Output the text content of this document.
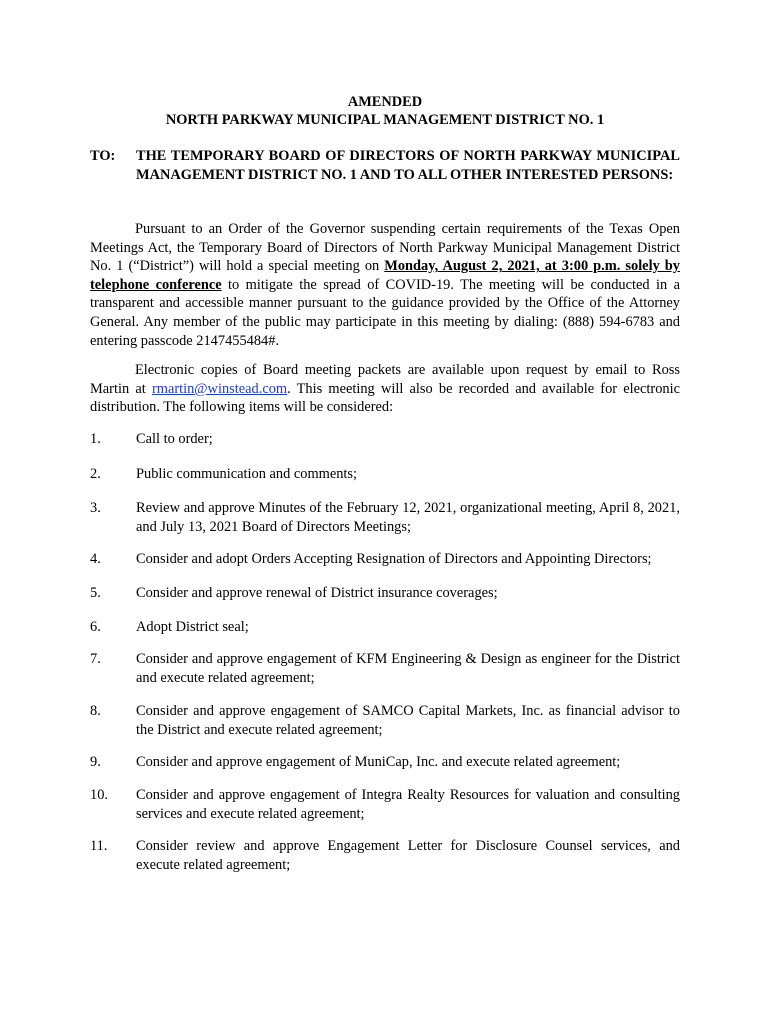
AMENDED
NORTH PARKWAY MUNICIPAL MANAGEMENT DISTRICT NO. 1
TO: THE TEMPORARY BOARD OF DIRECTORS OF NORTH PARKWAY MUNICIPAL MANAGEMENT DISTRICT NO. 1 AND TO ALL OTHER INTERESTED PERSONS:
Pursuant to an Order of the Governor suspending certain requirements of the Texas Open Meetings Act, the Temporary Board of Directors of North Parkway Municipal Management District No. 1 (“District”) will hold a special meeting on Monday, August 2, 2021, at 3:00 p.m. solely by telephone conference to mitigate the spread of COVID-19. The meeting will be conducted in a transparent and accessible manner pursuant to the guidance provided by the Office of the Attorney General. Any member of the public may participate in this meeting by dialing: (888) 594-6783 and entering passcode 2147455484#.
Electronic copies of Board meeting packets are available upon request by email to Ross Martin at rmartin@winstead.com. This meeting will also be recorded and available for electronic distribution. The following items will be considered:
1. Call to order;
2. Public communication and comments;
3. Review and approve Minutes of the February 12, 2021, organizational meeting, April 8, 2021, and July 13, 2021 Board of Directors Meetings;
4. Consider and adopt Orders Accepting Resignation of Directors and Appointing Directors;
5. Consider and approve renewal of District insurance coverages;
6. Adopt District seal;
7. Consider and approve engagement of KFM Engineering & Design as engineer for the District and execute related agreement;
8. Consider and approve engagement of SAMCO Capital Markets, Inc. as financial advisor to the District and execute related agreement;
9. Consider and approve engagement of MuniCap, Inc. and execute related agreement;
10. Consider and approve engagement of Integra Realty Resources for valuation and consulting services and execute related agreement;
11. Consider review and approve Engagement Letter for Disclosure Counsel services, and execute related agreement;
